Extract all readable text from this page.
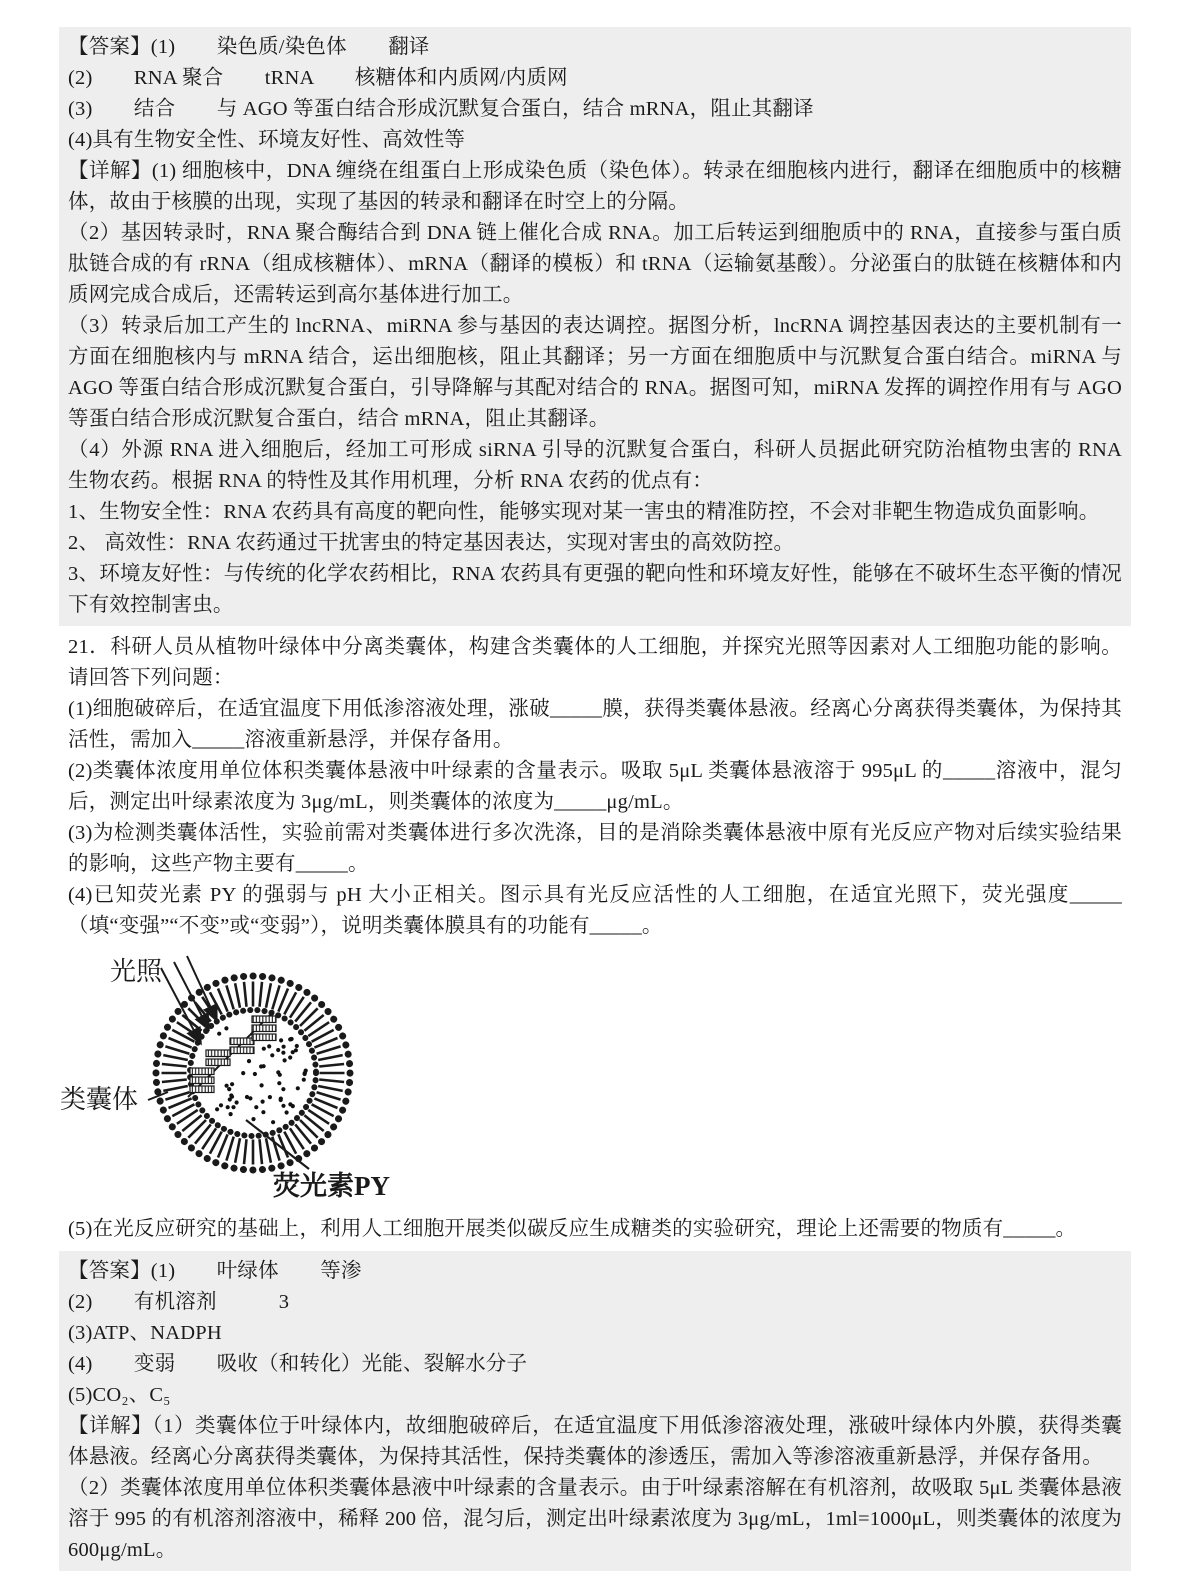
【答案】(1)　　染色质/染色体　　翻译

(2)　　RNA 聚合　　tRNA　　核糖体和内质网/内质网

(3)　　结合　　与 AGO 等蛋白结合形成沉默复合蛋白，结合 mRNA，阻止其翻译

(4)具有生物安全性、环境友好性、高效性等

【详解】(1) 细胞核中，DNA 缠绕在组蛋白上形成染色质（染色体）。转录在细胞核内进行，翻译在细胞质中的核糖体，故由于核膜的出现，实现了基因的转录和翻译在时空上的分隔。

（2）基因转录时，RNA 聚合酶结合到 DNA 链上催化合成 RNA。加工后转运到细胞质中的 RNA，直接参与蛋白质肽链合成的有 rRNA（组成核糖体）、mRNA（翻译的模板）和 tRNA（运输氨基酸）。分泌蛋白的肽链在核糖体和内质网完成合成后，还需转运到高尔基体进行加工。

（3）转录后加工产生的 lncRNA、miRNA 参与基因的表达调控。据图分析，lncRNA 调控基因表达的主要机制有一方面在细胞核内与 mRNA 结合，运出细胞核，阻止其翻译；另一方面在细胞质中与沉默复合蛋白结合。miRNA 与 AGO 等蛋白结合形成沉默复合蛋白，引导降解与其配对结合的 RNA。据图可知，miRNA 发挥的调控作用有与 AGO 等蛋白结合形成沉默复合蛋白，结合 mRNA，阻止其翻译。

（4）外源 RNA 进入细胞后，经加工可形成 siRNA 引导的沉默复合蛋白，科研人员据此研究防治植物虫害的 RNA 生物农药。根据 RNA 的特性及其作用机理，分析 RNA 农药的优点有：

1、生物安全性：RNA 农药具有高度的靶向性，能够实现对某一害虫的精准防控，不会对非靶生物造成负面影响。

2、 高效性：RNA 农药通过干扰害虫的特定基因表达，实现对害虫的高效防控。

3、环境友好性：与传统的化学农药相比，RNA 农药具有更强的靶向性和环境友好性，能够在不破坏生态平衡的情况下有效控制害虫。

21．科研人员从植物叶绿体中分离类囊体，构建含类囊体的人工细胞，并探究光照等因素对人工细胞功能的影响。请回答下列问题：

(1)细胞破碎后，在适宜温度下用低渗溶液处理，涨破_____膜，获得类囊体悬液。经离心分离获得类囊体，为保持其活性，需加入_____溶液重新悬浮，并保存备用。

(2)类囊体浓度用单位体积类囊体悬液中叶绿素的含量表示。吸取 5μL 类囊体悬液溶于 995μL 的_____溶液中，混匀后，测定出叶绿素浓度为 3μg/mL，则类囊体的浓度为_____μg/mL。

(3)为检测类囊体活性，实验前需对类囊体进行多次洗涤，目的是消除类囊体悬液中原有光反应产物对后续实验结果的影响，这些产物主要有_____。

(4)已知荧光素 PY 的强弱与 pH 大小正相关。图示具有光反应活性的人工细胞，在适宜光照下，荧光强度_____（填“变强”“不变”或“变弱”），说明类囊体膜具有的功能有_____。

光照
类囊体
荧光素PY

(5)在光反应研究的基础上，利用人工细胞开展类似碳反应生成糖类的实验研究，理论上还需要的物质有_____。

【答案】(1)　　叶绿体　　等渗

(2)　　有机溶剂　　　3

(3)ATP、NADPH

(4)　　变弱　　吸收（和转化）光能、裂解水分子

(5)CO₂、C₅

【详解】（1）类囊体位于叶绿体内，故细胞破碎后，在适宜温度下用低渗溶液处理，涨破叶绿体内外膜，获得类囊体悬液。经离心分离获得类囊体，为保持其活性，保持类囊体的渗透压，需加入等渗溶液重新悬浮，并保存备用。

（2）类囊体浓度用单位体积类囊体悬液中叶绿素的含量表示。由于叶绿素溶解在有机溶剂，故吸取 5μL 类囊体悬液溶于 995 的有机溶剂溶液中，稀释 200 倍，混匀后，测定出叶绿素浓度为 3μg/mL，1ml=1000μL，则类囊体的浓度为 600μg/mL。
